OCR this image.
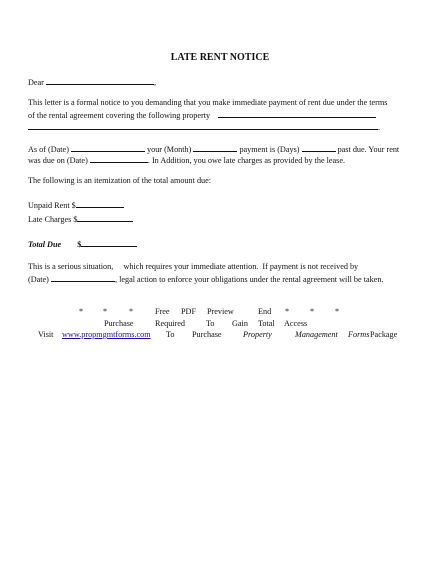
LATE RENT NOTICE
Dear	,
This letter is a formal notice to you demanding that you make immediate payment of rent due under the terms
of the rental agreement covering the following property
.
As of (Date)	your (Month)	payment is (Days)	past due. Your rent
was due on (Date)	. In Addition, you owe late charges as provided by the lease.
The following is an itemization of the total amount due:
Unpaid Rent $
Late Charges $
Total Due $
This is a serious situation,     which requires your immediate attention.  If payment is not received by
(Date)	, legal action to enforce your obligations under the rental agreement will be taken.
* *	*	Free PDF Preview	End *	*	*
Purchase	Required	To Gain Total Access
Visit www.propmgmtforms.com To Purchase	Property	Management Forms Package
